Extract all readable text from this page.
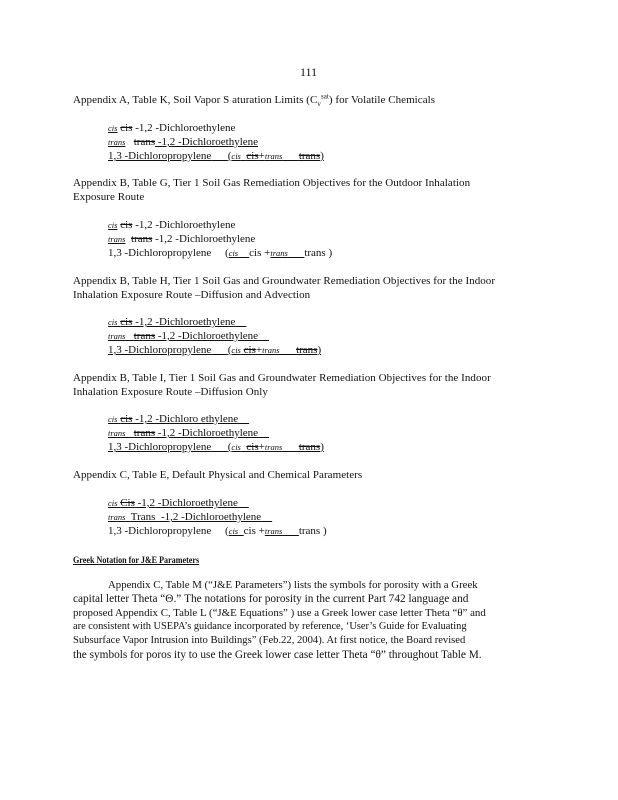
111
Appendix A, Table K, Soil Vapor S aturation Limits $(C_v^{sat})$ for Volatile Chemicals
cis cis -1,2 -Dichloroethylene
trans trans -1,2 -Dichloroethylene
1,3 -Dichloropropylene (cis cis+trans trans)
Appendix B, Table G, Tier 1 Soil Gas Remediation Objectives for the Outdoor Inhalation
Exposure Route
cis cis -1,2 -Dichloroethylene
trans trans -1,2 -Dichloroethylene
1,3 -Dichloropropylene (cis__cis +trans___trans )
Appendix B, Table H, Tier 1 Soil Gas and Groundwater Remediation Objectives for the Indoor
Inhalation Exposure Route –Diffusion and Advection
cis cis -1,2 -Dichloroethylene
trans trans -1,2 -Dichloroethylene
1,3 -Dichloropropylene (cis cis+trans trans)
Appendix B, Table I, Tier 1 Soil Gas and Groundwater Remediation Objectives for the Indoor
Inhalation Exposure Route –Diffusion Only
cis cis -1,2 -Dichloro ethylene
trans trans -1,2 -Dichloroethylene
1,3 -Dichloropropylene (cis cis+trans trans)
Appendix C, Table E, Default Physical and Chemical Parameters
cis Cis -1,2 -Dichloroethylene
trans Trans  -1,2 -Dichloroethylene
1,3 -Dichloropropylene (cis_cis +trans___trans )
Greek Notation for J&E Parameters
Appendix C, Table M (“J&E Parameters”) lists the symbols for porosity with a Greek
capital letter Theta “Θ.” The notations for porosity in the current Part 742 language and
proposed Appendix C, Table L (“J&E Equations” ) use a Greek lower case letter Theta “θ” and
are consistent with USEPA’s guidance incorporated by reference, ‘User’s Guide for Evaluating
Subsurface Vapor Intrusion into Buildings” (Feb.22, 2004). At first notice, the Board revised
the symbols for poros ity to use the Greek lower case letter Theta “θ” throughout Table M.
